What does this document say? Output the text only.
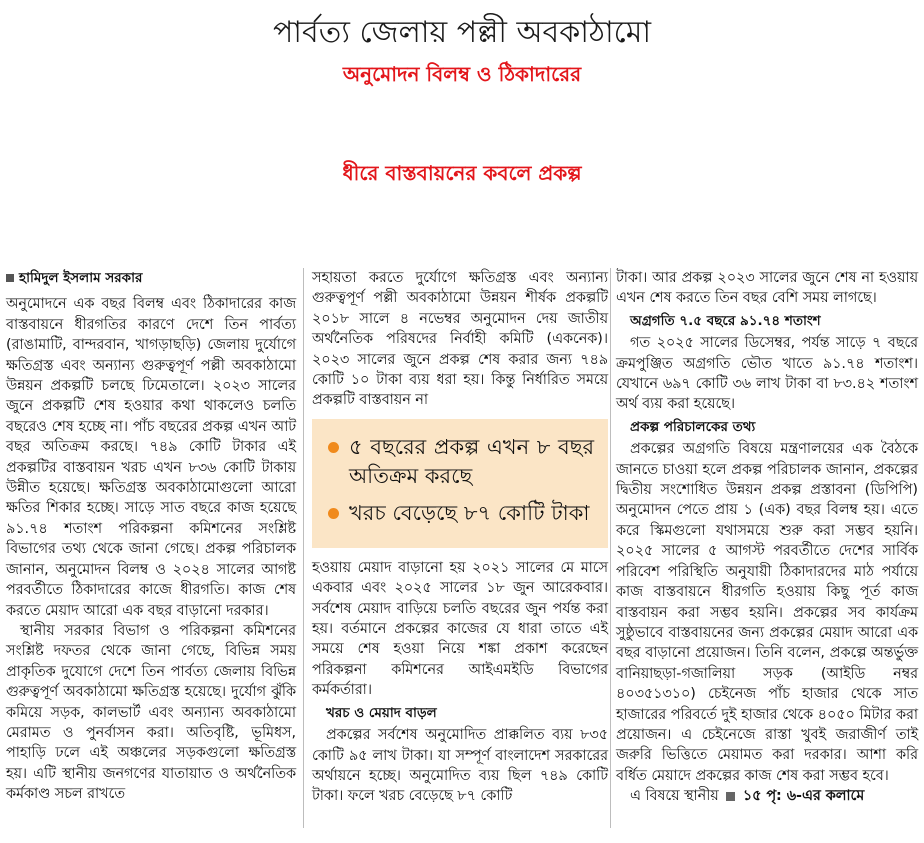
পার্বত্য জেলায় পল্লী অবকাঠামো
অনুমোদন বিলম্ব ও ঠিকাদারের
ধীরে বাস্তবায়নের কবলে প্রকল্প
হামিদুল ইসলাম সরকার

অনুমোদনে এক বছর বিলম্ব এবং ঠিকাদারের কাজ বাস্তবায়নে ধীরগতির কারণে দেশে তিন পার্বত্য (রাঙামাটি, বান্দরবান, খাগড়াছড়ি) জেলায় দুর্যোগে ক্ষতিগ্রস্ত এবং অন্যান্য গুরুত্বপূর্ণ পল্লী অবকাঠামো উন্নয়ন প্রকল্পটি চলছে ঢিমেতালে। ২০২৩ সালের জুনে প্রকল্পটি শেষ হওয়ার কথা থাকলেও চলতি বছরেও শেষ হচ্ছে না। পাঁচ বছরের প্রকল্প এখন আট বছর অতিক্রম করছে। ৭৪৯ কোটি টাকার এই প্রকল্পটির বাস্তবায়ন খরচ এখন ৮৩৬ কোটি টাকায় উন্নীত হয়েছে। ক্ষতিগ্রস্ত অবকাঠামোগুলো আরো ক্ষতির শিকার হচ্ছে। সাড়ে সাত বছরে কাজ হয়েছে ৯১.৭৪ শতাংশ পরিকল্পনা কমিশনের সংশ্লিষ্ট বিভাগের তথ্য থেকে জানা গেছে। প্রকল্প পরিচালক জানান, অনুমোদন বিলম্ব ও ২০২৪ সালের আগষ্ট পরবর্তীতে ঠিকাদারের কাজে ধীরগতি। কাজ শেষ করতে মেয়াদ আরো এক বছর বাড়ানো দরকার।

স্থানীয় সরকার বিভাগ ও পরিকল্পনা কমিশনের সংশ্লিষ্ট দফতর থেকে জানা গেছে, বিভিন্ন সময় প্রাকৃতিক দুযোগে দেশে তিন পার্বত্য জেলায় বিভিন্ন গুরুত্বপূর্ণ অবকাঠামো ক্ষতিগ্রস্ত হয়েছে। দুর্যোগ ঝুঁকি কমিয়ে সড়ক, কালভার্ট এবং অন্যান্য অবকাঠামো মেরামত ও পুনর্বাসন করা। অতিবৃষ্টি, ভূমিধস, পাহাড়ি ঢলে এই অঞ্চলের সড়কগুলো ক্ষতিগ্রস্ত হয়। এটি স্থানীয় জনগণের যাতায়াত ও অর্থনৈতিক কর্মকাণ্ড সচল রাখতে

সহায়তা করতে দুর্যোগে ক্ষতিগ্রস্ত এবং অন্যান্য গুরুত্বপূর্ণ পল্লী অবকাঠামো উন্নয়ন শীর্ষক প্রকল্পটি ২০১৮ সালে ৪ নভেম্বর অনুমোদন দেয় জাতীয় অর্থনৈতিক পরিষদের নির্বাহী কমিটি (একনেক)। ২০২৩ সালের জুনে প্রকল্প শেষ করার জন্য ৭৪৯ কোটি ১০ টাকা ব্যয় ধরা হয়। কিন্তু নির্ধারিত সময়ে প্রকল্পটি বাস্তবায়ন না

৫ বছরের প্রকল্প এখন ৮ বছর অতিক্রম করছে
খরচ বেড়েছে ৮৭ কোটি টাকা

হওয়ায় মেয়াদ বাড়ানো হয় ২০২১ সালের মে মাসে একবার এবং ২০২৫ সালের ১৮ জুন আরেকবার। সর্বশেষ মেয়াদ বাড়িয়ে চলতি বছরের জুন পর্যন্ত করা হয়। বর্তমানে প্রকল্পের কাজের যে ধারা তাতে এই সময়ে শেষ হওয়া নিয়ে শঙ্কা প্রকাশ করেছেন পরিকল্পনা কমিশনের আইএমইডি বিভাগের কর্মকর্তারা।

খরচ ও মেয়াদ বাড়ল

প্রকল্পের সর্বশেষ অনুমোদিত প্রাক্কলিত ব্যয় ৮৩৫ কোটি ৯৫ লাখ টাকা। যা সম্পূর্ণ বাংলাদেশ সরকারের অর্থায়নে হচ্ছে। অনুমোদিত ব্যয় ছিল ৭৪৯ কোটি টাকা। ফলে খরচ বেড়েছে ৮৭ কোটি

টাকা। আর প্রকল্প ২০২৩ সালের জুনে শেষ না হওয়ায় এখন শেষ করতে তিন বছর বেশি সময় লাগছে।

অগ্রগতি ৭.৫ বছরে ৯১.৭৪ শতাংশ

গত ২০২৫ সালের ডিসেম্বর, পর্যন্ত সাড়ে ৭ বছরে ক্রমপুঞ্জিত অগ্রগতি ভৌত খাতে ৯১.৭৪ শতাংশ। যেখানে ৬৯৭ কোটি ৩৬ লাখ টাকা বা ৮৩.৪২ শতাংশ অর্থ ব্যয় করা হয়েছে।

প্রকল্প পরিচালকের তথ্য

প্রকল্পের অগ্রগতি বিষয়ে মন্ত্রণালয়ের এক বৈঠকে জানতে চাওয়া হলে প্রকল্প পরিচালক জানান, প্রকল্পের দ্বিতীয় সংশোধিত উন্নয়ন প্রকল্প প্রস্তাবনা (ডিপিপি) অনুমোদন পেতে প্রায় ১ (এক) বছর বিলম্ব হয়। এতে করে স্কিমগুলো যথাসময়ে শুরু করা সম্ভব হয়নি। ২০২৫ সালের ৫ আগস্ট পরবর্তীতে দেশের সার্বিক পরিবেশ পরিস্থিতি অনুযায়ী ঠিকাদারদের মাঠ পর্যায়ে কাজ বাস্তবায়নে ধীরগতি হওয়ায় কিছু পূর্ত কাজ বাস্তবায়ন করা সম্ভব হয়নি। প্রকল্পের সব কার্যক্রম সুষ্ঠুভাবে বাস্তবায়নের জন্য প্রকল্পের মেয়াদ আরো এক বছর বাড়ানো প্রয়োজন। তিনি বলেন, প্রকল্পে অন্তর্ভুক্ত বানিয়াছড়া-গজালিয়া সড়ক (আইডি নম্বর ৪০৩৫১৩১০) চেইনেজ পাঁচ হাজার থেকে সাত হাজারের পরিবর্তে দুই হাজার থেকে ৪০৫০ মিটার করা প্রয়োজন। এ চেইনেজে রাস্তা খুবই জরাজীর্ণ তাই জরুরি ভিত্তিতে মেয়ামত করা দরকার। আশা করি বর্ধিত মেয়াদে প্রকল্পের কাজ শেষ করা সম্ভব হবে।

এ বিষয়ে স্থানীয় ১৫ পৃ: ৬-এর কলামে
